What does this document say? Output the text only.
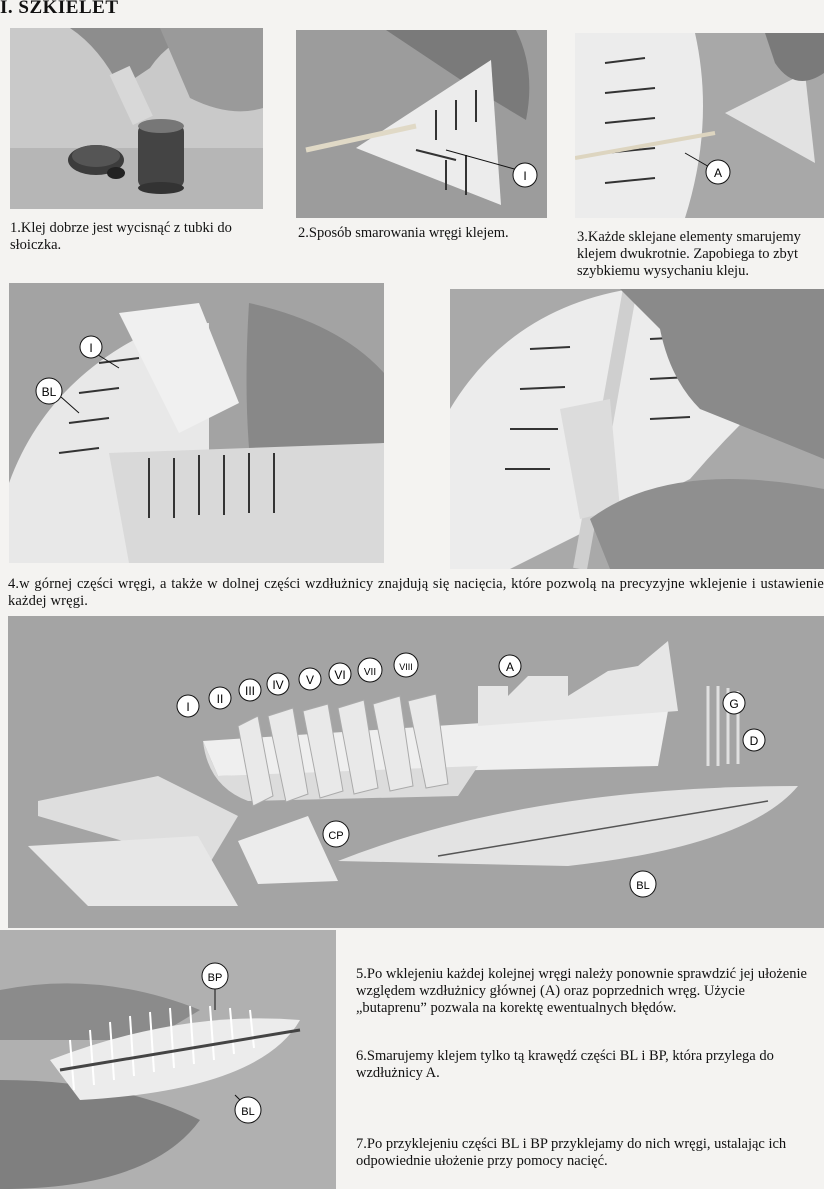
I. SZKIELET
1.Klej dobrze jest wycisnąć z tubki do słoiczka.
I
2.Sposób smarowania wręgi klejem.
A
3.Każde sklejane elementy smarujemy klejem dwukrotnie. Zapobiega to zbyt szybkiemu wysychaniu kleju.
I
BL
4.w górnej części wręgi, a także w dolnej części wzdłużnicy znajdują się nacięcia, które pozwolą na precyzyjne wklejenie i ustawienie każdej wręgi.
I
II
III IV V VI VII	VIII	A
G
D
CP
BL
BP
BL
5.Po wklejeniu każdej kolejnej wręgi należy ponownie sprawdzić jej ułożenie względem wzdłużnicy głównej (A) oraz poprzednich wręg. Użycie „butaprenu” pozwala na korektę ewentualnych błędów.
6.Smarujemy klejem tylko tą krawędź części BL i BP, która przylega do wzdłużnicy A.
7.Po przyklejeniu części BL i BP przyklejamy do nich wręgi, ustalając ich odpowiednie ułożenie przy pomocy nacięć.
